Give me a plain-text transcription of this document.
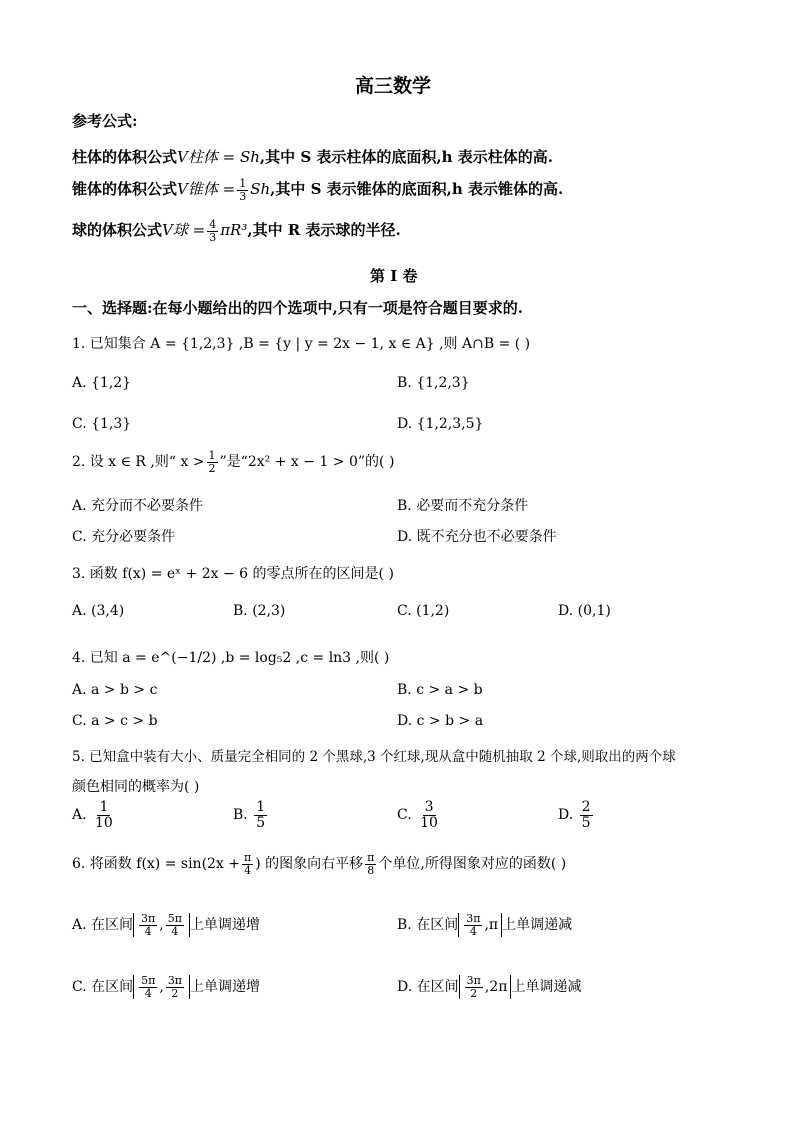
高三数学
参考公式:
柱体的体积公式V柱体 = Sh,其中 S 表示柱体的底面积,h 表示柱体的高.
锥体的体积公式V锥体 = $\frac{1}{3} Sh$,其中 S 表示锥体的底面积,h 表示锥体的高.
球的体积公式V球 = $\frac{4}{3} \pi R^3$,其中 R 表示球的半径.
第 I 卷
一、选择题:在每小题给出的四个选项中,只有一项是符合题目要求的.
1. 已知集合 A = {1,2,3} ,B = {y | y = 2x − 1, x ∈ A} ,则 A∩B = ( )
A. {1,2}	B. {1,2,3}
C. {1,3}	D. {1,2,3,5}
2. 设 x ∈ R ,则“ $x > \frac{1}{2}$ ”是“2x² + x − 1 > 0”的( )
A. 充分而不必要条件	B. 必要而不充分条件
C. 充分必要条件	D. 既不充分也不必要条件
3. 函数 f(x) = eˣ + 2x − 6 的零点所在的区间是( )
A. (3,4)	B. (2,3)	C. (1,2)	D. (0,1)
4. 已知 a = e^(−1/2) ,b = log₅2 ,c = ln3 ,则( )
A. a > b > c	B. c > a > b
C. a > c > b	D. c > b > a
5. 已知盒中装有大小、质量完全相同的 2 个黑球,3 个红球,现从盒中随机抽取 2 个球,则取出的两个球
颜色相同的概率为( )
A. $\frac{1}{10}$	B. $\frac{1}{5}$	C. $\frac{3}{10}$	D. $\frac{2}{5}$
6. 将函数 $f(x) = \sin(2x + \frac{\pi}{4}$ ) 的图象向右平移 $\frac{\pi}{8}$ 个单位,所得图象对应的函数( )
A. 在区间 $\frac{3\pi}{4}$ , $\frac{5\pi}{4}$ 上单调递增	B. 在区间 $\frac{3\pi}{4}$ , π 上单调递减
C. 在区间 $\frac{5\pi}{4}$ , $\frac{3\pi}{2}$ 上单调递增	D. 在区间 $\frac{3\pi}{2}$ , 2π 上单调递减
